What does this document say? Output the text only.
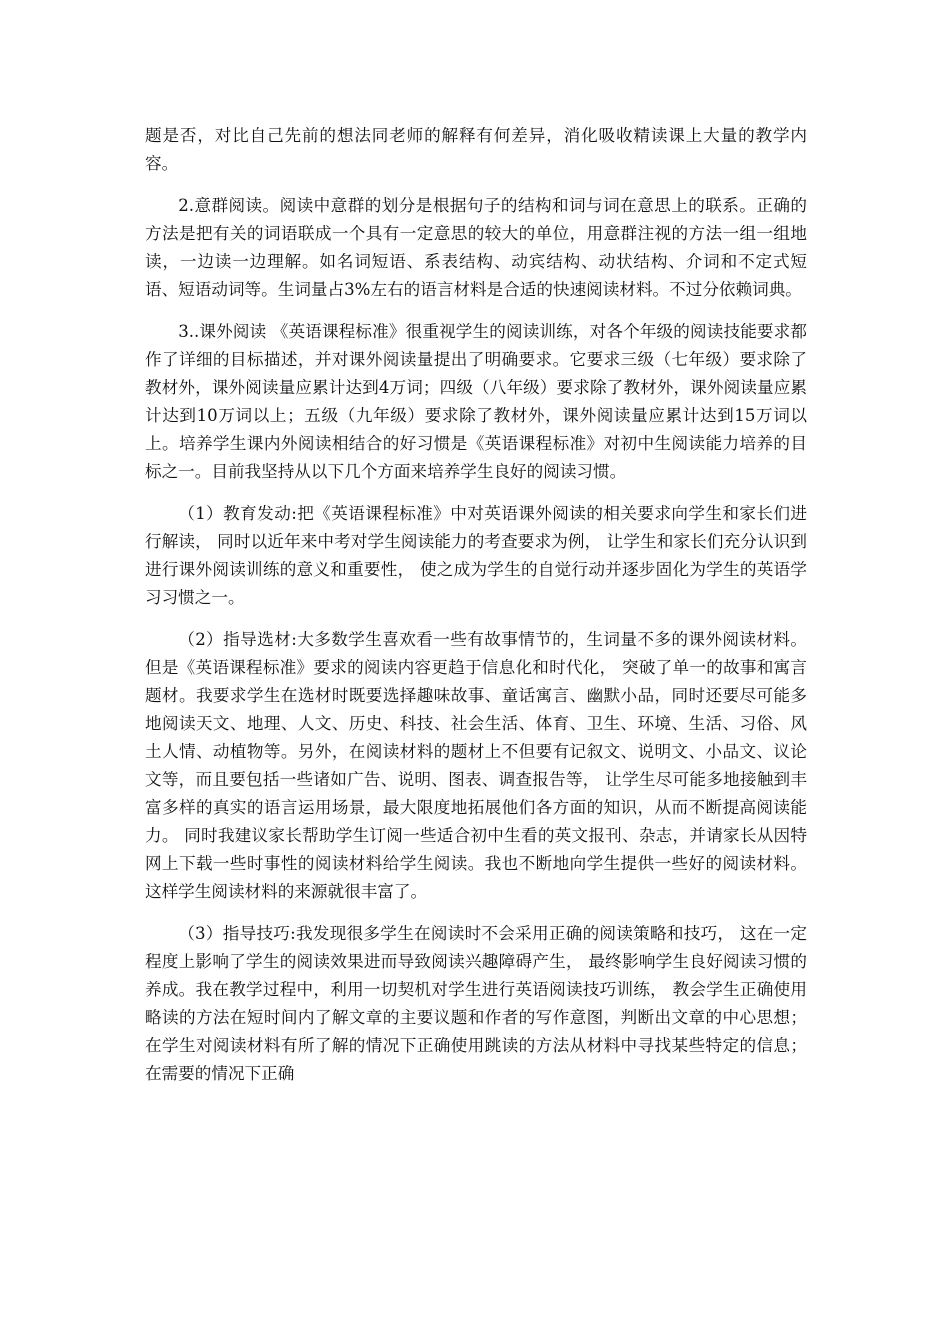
题是否，对比自己先前的想法同老师的解释有何差异，消化吸收精读课上大量的教学内容。

2.意群阅读。阅读中意群的划分是根据句子的结构和词与词在意思上的联系。正确的方法是把有关的词语联成一个具有一定意思的较大的单位，用意群注视的方法一组一组地读，一边读一边理解。如名词短语、系表结构、动宾结构、动状结构、介词和不定式短语、短语动词等。生词量占3%左右的语言材料是合适的快速阅读材料。不过分依赖词典。

3..课外阅读 《英语课程标准》很重视学生的阅读训练，对各个年级的阅读技能要求都作了详细的目标描述，并对课外阅读量提出了明确要求。它要求三级（七年级）要求除了教材外，课外阅读量应累计达到4万词；四级（八年级）要求除了教材外，课外阅读量应累计达到10万词以上；五级（九年级）要求除了教材外，课外阅读量应累计达到15万词以上。培养学生课内外阅读相结合的好习惯是《英语课程标准》对初中生阅读能力培养的目标之一。目前我坚持从以下几个方面来培养学生良好的阅读习惯。

（1）教育发动:把《英语课程标准》中对英语课外阅读的相关要求向学生和家长们进行解读， 同时以近年来中考对学生阅读能力的考查要求为例， 让学生和家长们充分认识到进行课外阅读训练的意义和重要性， 使之成为学生的自觉行动并逐步固化为学生的英语学习习惯之一。

（2）指导选材:大多数学生喜欢看一些有故事情节的，生词量不多的课外阅读材料。但是《英语课程标准》要求的阅读内容更趋于信息化和时代化， 突破了单一的故事和寓言题材。我要求学生在选材时既要选择趣味故事、童话寓言、幽默小品，同时还要尽可能多地阅读天文、地理、人文、历史、科技、社会生活、体育、卫生、环境、生活、习俗、风土人情、动植物等。另外，在阅读材料的题材上不但要有记叙文、说明文、小品文、议论文等，而且要包括一些诸如广告、说明、图表、调查报告等， 让学生尽可能多地接触到丰富多样的真实的语言运用场景，最大限度地拓展他们各方面的知识，从而不断提高阅读能力。 同时我建议家长帮助学生订阅一些适合初中生看的英文报刊、杂志，并请家长从因特网上下载一些时事性的阅读材料给学生阅读。我也不断地向学生提供一些好的阅读材料。这样学生阅读材料的来源就很丰富了。

（3）指导技巧:我发现很多学生在阅读时不会采用正确的阅读策略和技巧， 这在一定程度上影响了学生的阅读效果进而导致阅读兴趣障碍产生， 最终影响学生良好阅读习惯的养成。我在教学过程中，利用一切契机对学生进行英语阅读技巧训练， 教会学生正确使用略读的方法在短时间内了解文章的主要议题和作者的写作意图，判断出文章的中心思想；在学生对阅读材料有所了解的情况下正确使用跳读的方法从材料中寻找某些特定的信息； 在需要的情况下正确
